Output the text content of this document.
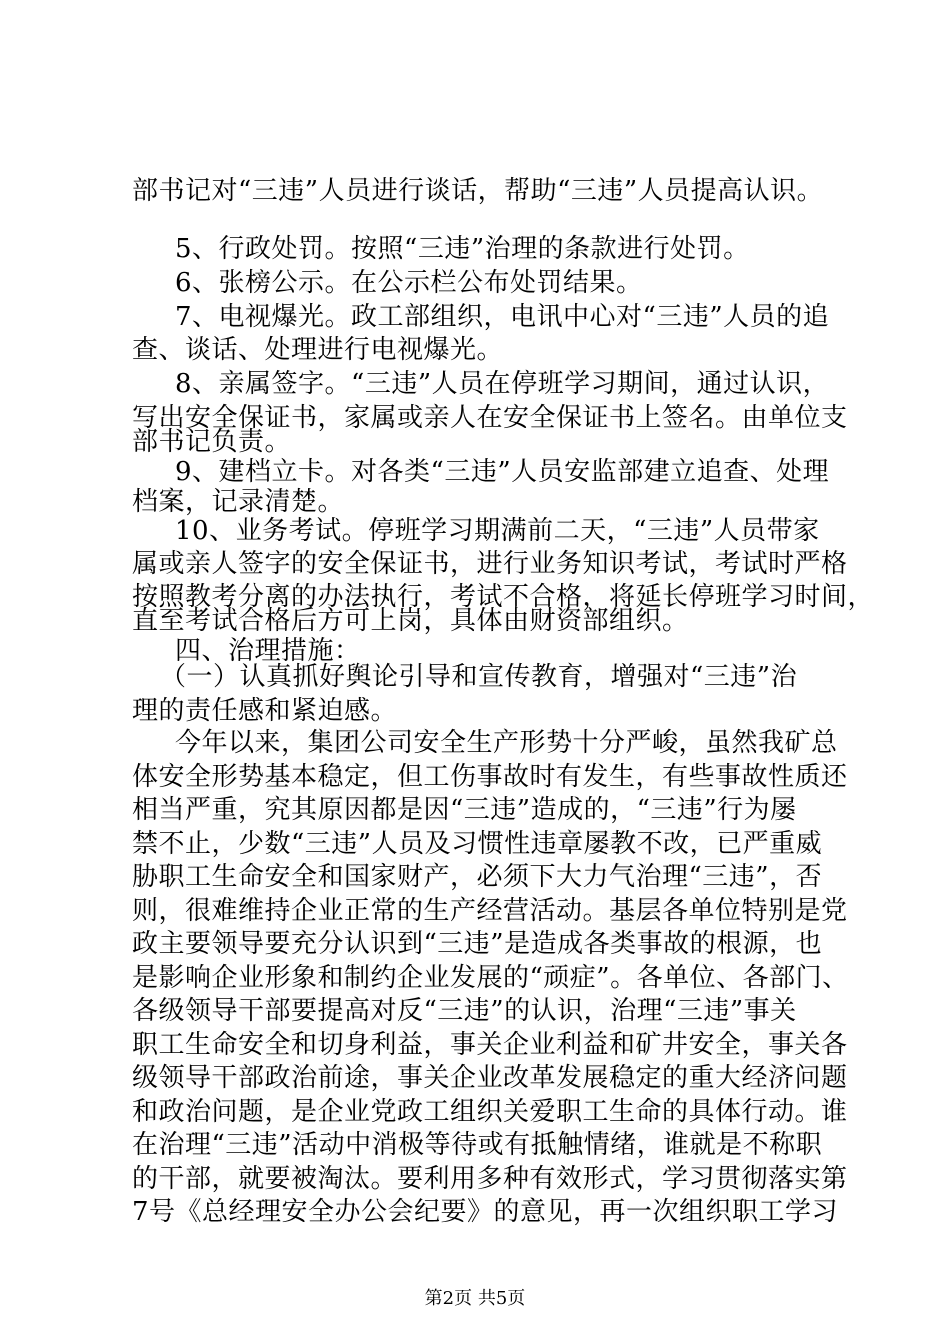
部书记对“三违”人员进行谈话，帮助“三违”人员提高认识。
5、行政处罚。按照“三违”治理的条款进行处罚。
6、张榜公示。在公示栏公布处罚结果。
7、电视爆光。政工部组织，电讯中心对“三违”人员的追
查、谈话、处理进行电视爆光。
8、亲属签字。“三违”人员在停班学习期间，通过认识，
写出安全保证书，家属或亲人在安全保证书上签名。由单位支
部书记负责。
9、建档立卡。对各类“三违”人员安监部建立追查、处理
档案，记录清楚。
10、业务考试。停班学习期满前二天，“三违”人员带家
属或亲人签字的安全保证书，进行业务知识考试，考试时严格
按照教考分离的办法执行，考试不合格，将延长停班学习时间，
直至考试合格后方可上岗，具体由财资部组织。
四、治理措施：
（一）认真抓好舆论引导和宣传教育，增强对“三违”治
理的责任感和紧迫感。
今年以来，集团公司安全生产形势十分严峻，虽然我矿总
体安全形势基本稳定，但工伤事故时有发生，有些事故性质还
相当严重，究其原因都是因“三违”造成的，“三违”行为屡
禁不止，少数“三违”人员及习惯性违章屡教不改，已严重威
胁职工生命安全和国家财产，必须下大力气治理“三违”，否
则，很难维持企业正常的生产经营活动。基层各单位特别是党
政主要领导要充分认识到“三违”是造成各类事故的根源，也
是影响企业形象和制约企业发展的“顽症”。各单位、各部门、
各级领导干部要提高对反“三违”的认识，治理“三违”事关
职工生命安全和切身利益，事关企业利益和矿井安全，事关各
级领导干部政治前途，事关企业改革发展稳定的重大经济问题
和政治问题，是企业党政工组织关爱职工生命的具体行动。谁
在治理“三违”活动中消极等待或有抵触情绪，谁就是不称职
的干部，就要被淘汰。要利用多种有效形式，学习贯彻落实第
7号《总经理安全办公会纪要》的意见，再一次组织职工学习
第2页 共5页
